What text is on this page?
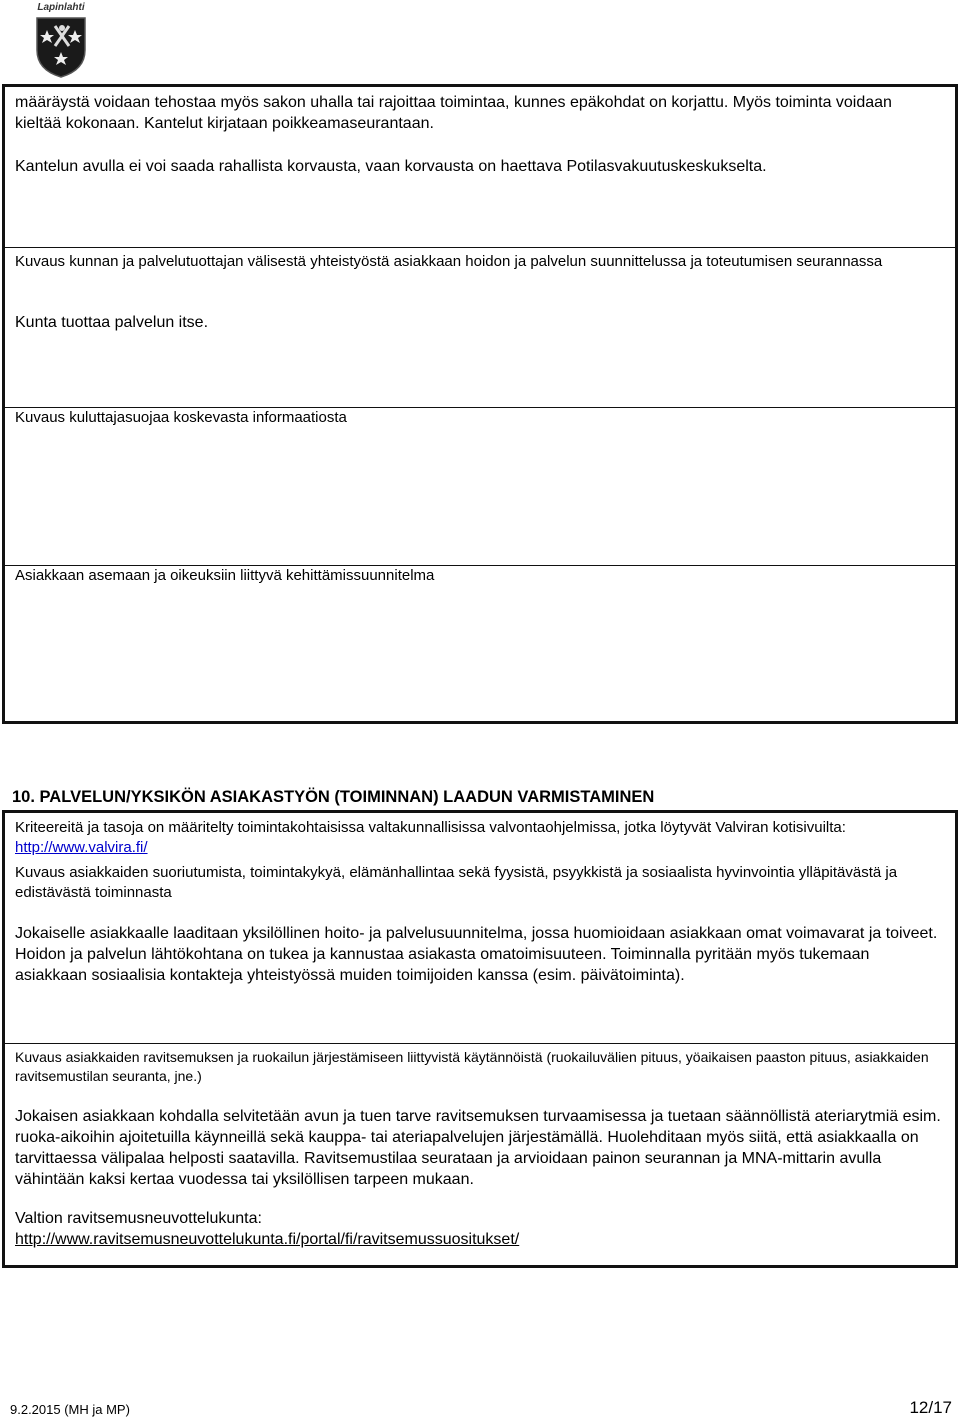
Lapinlahti

määräystä voidaan tehostaa myös sakon uhalla tai rajoittaa toimintaa, kunnes epäkohdat on korjattu. Myös toiminta voidaan kieltää kokonaan. Kantelut kirjataan poikkeamaseurantaan.

Kantelun avulla ei voi saada rahallista korvausta, vaan korvausta on haettava Potilasvakuutuskeskukselta.

Kuvaus kunnan ja palvelutuottajan välisestä yhteistyöstä asiakkaan hoidon ja palvelun suunnittelussa ja toteutumisen seurannassa

Kunta tuottaa palvelun itse.

Kuvaus kuluttajasuojaa koskevasta informaatiosta

Asiakkaan asemaan ja oikeuksiin liittyvä kehittämissuunnitelma

10. PALVELUN/YKSIKÖN ASIAKASTYÖN (TOIMINNAN) LAADUN VARMISTAMINEN

Kriteereitä ja tasoja on määritelty toimintakohtaisissa valtakunnallisissa valvontaohjelmissa, jotka löytyvät Valviran kotisivuilta:
http://www.valvira.fi/

Kuvaus asiakkaiden suoriutumista, toimintakykyä, elämänhallintaa sekä fyysistä, psyykkistä ja sosiaalista hyvinvointia ylläpitävästä ja edistävästä toiminnasta

Jokaiselle asiakkaalle laaditaan yksilöllinen hoito- ja palvelusuunnitelma, jossa huomioidaan asiakkaan omat voimavarat ja toiveet. Hoidon ja palvelun lähtökohtana on tukea ja kannustaa asiakasta omatoimisuuteen. Toiminnalla pyritään myös tukemaan asiakkaan sosiaalisia kontakteja yhteistyössä muiden toimijoiden kanssa (esim. päivätoiminta).

Kuvaus asiakkaiden ravitsemuksen ja ruokailun järjestämiseen liittyvistä käytännöistä (ruokailuvälien pituus, yöaikaisen paaston pituus, asiakkaiden ravitsemustilan seuranta, jne.)

Jokaisen asiakkaan kohdalla selvitetään avun ja tuen tarve ravitsemuksen turvaamisessa ja tuetaan säännöllistä ateriarytmiä esim. ruoka-aikoihin ajoitetuilla käynneillä sekä kauppa- tai ateriapalvelujen järjestämällä. Huolehditaan myös siitä, että asiakkaalla on tarvittaessa välipalaa helposti saatavilla. Ravitsemustilaa seurataan ja arvioidaan painon seurannan ja MNA-mittarin avulla vähintään kaksi kertaa vuodessa tai yksilöllisen tarpeen mukaan.

Valtion ravitsemusneuvottelukunta:
http://www.ravitsemusneuvottelukunta.fi/portal/fi/ravitsemussuositukset/

9.2.2015 (MH ja MP)	12/17
